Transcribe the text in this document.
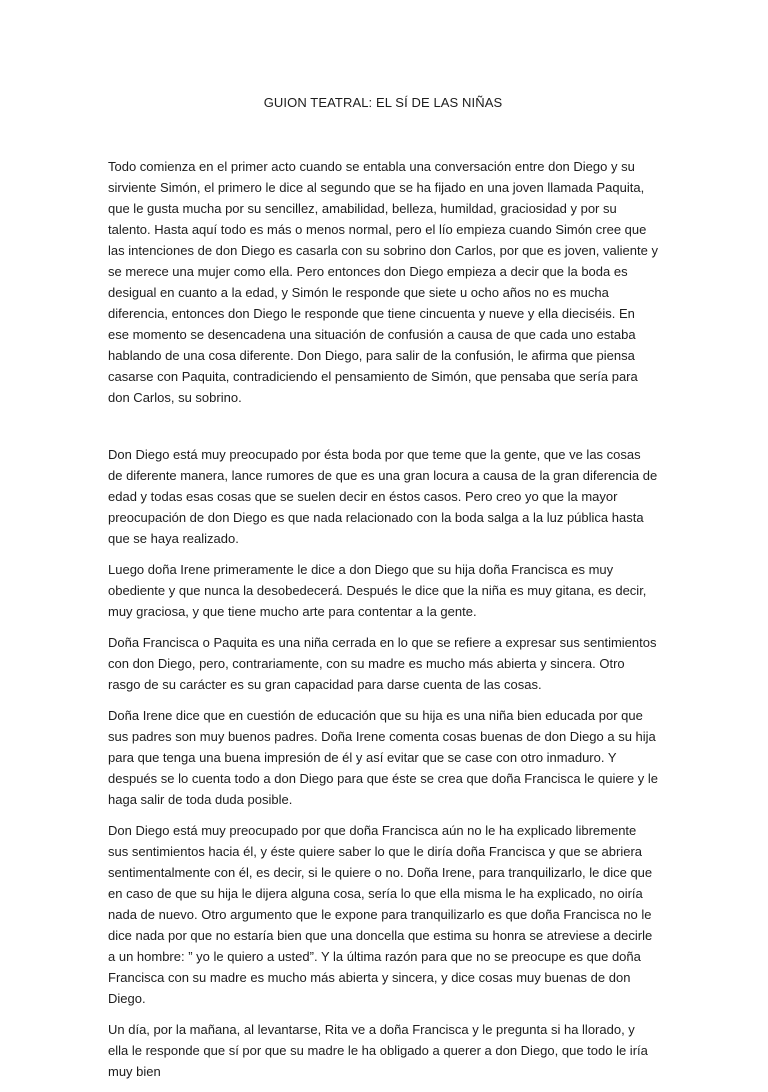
GUION TEATRAL: EL SÍ DE LAS NIÑAS

Todo comienza en el primer acto cuando se entabla una conversación entre don Diego y su sirviente Simón, el primero le dice al segundo que se ha fijado en una joven llamada Paquita, que le gusta mucha por su sencillez, amabilidad, belleza, humildad, graciosidad y por su talento. Hasta aquí todo es más o menos normal, pero el lío empieza cuando Simón cree que las intenciones de don Diego es casarla con su sobrino don Carlos, por que es joven, valiente y se merece una mujer como ella. Pero entonces don Diego empieza a decir que la boda es desigual en cuanto a la edad, y Simón le responde que siete u ocho años no es mucha diferencia, entonces don Diego le responde que tiene cincuenta y nueve y ella dieciséis. En ese momento se desencadena una situación de confusión a causa de que cada uno estaba hablando de una cosa diferente. Don Diego, para salir de la confusión, le afirma que piensa casarse con Paquita, contradiciendo el pensamiento de Simón, que pensaba que sería para don Carlos, su sobrino.

Don Diego está muy preocupado por ésta boda por que teme que la gente, que ve las cosas de diferente manera, lance rumores de que es una gran locura a causa de la gran diferencia de edad y todas esas cosas que se suelen decir en éstos casos. Pero creo yo que la mayor preocupación de don Diego es que nada relacionado con la boda salga a la luz pública hasta que se haya realizado.

Luego doña Irene primeramente le dice a don Diego que su hija doña Francisca es muy obediente y que nunca la desobedecerá. Después le dice que la niña es muy gitana, es decir, muy graciosa, y que tiene mucho arte para contentar a la gente.

Doña Francisca o Paquita es una niña cerrada en lo que se refiere a expresar sus sentimientos con don Diego, pero, contrariamente, con su madre es mucho más abierta y sincera. Otro rasgo de su carácter es su gran capacidad para darse cuenta de las cosas.

Doña Irene dice que en cuestión de educación que su hija es una niña bien educada por que sus padres son muy buenos padres. Doña Irene comenta cosas buenas de don Diego a su hija para que tenga una buena impresión de él y así evitar que se case con otro inmaduro. Y después se lo cuenta todo a don Diego para que éste se crea que doña Francisca le quiere y le haga salir de toda duda posible.

Don Diego está muy preocupado por que doña Francisca aún no le ha explicado libremente sus sentimientos hacia él, y éste quiere saber lo que le diría doña Francisca y que se abriera sentimentalmente con él, es decir, si le quiere o no. Doña Irene, para tranquilizarlo, le dice que en caso de que su hija le dijera alguna cosa, sería lo que ella misma le ha explicado, no oiría nada de nuevo. Otro argumento que le expone para tranquilizarlo es que doña Francisca no le dice nada por que no estaría bien que una doncella que estima su honra se atreviese a decirle a un hombre: ” yo le quiero a usted”. Y la última razón para que no se preocupe es que doña Francisca con su madre es mucho más abierta y sincera, y dice cosas muy buenas de don Diego.

Un día, por la mañana, al levantarse, Rita ve a doña Francisca y le pregunta si ha llorado, y ella le responde que sí por que su madre le ha obligado a querer a don Diego, que todo le iría muy bien
